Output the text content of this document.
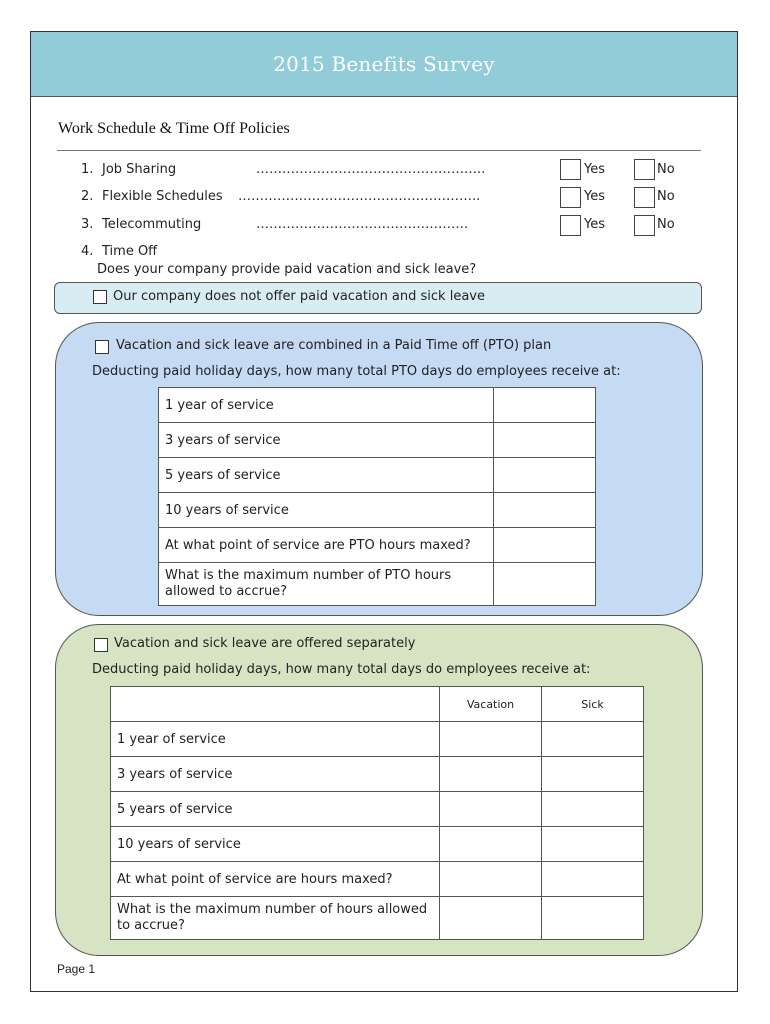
2015 Benefits Survey
Work Schedule & Time Off Policies
1. Job Sharing	……………………………………………..	Yes	No
2. Flexible Schedules ………………………………………………..	Yes	No
3. Telecommuting	………………………………………….	Yes	No
4. Time Off
Does your company provide paid vacation and sick leave?
Our company does not offer paid vacation and sick leave
Vacation and sick leave are combined in a Paid Time off (PTO) plan
Deducting paid holiday days, how many total PTO days do employees receive at:
1 year of service	
3 years of service	
5 years of service	
10 years of service	
At what point of service are PTO hours maxed?	
What is the maximum number of PTO hours allowed to accrue?	
Vacation and sick leave are offered separately
Deducting paid holiday days, how many total days do employees receive at:
	Vacation	Sick
1 year of service		
3 years of service		
5 years of service		
10 years of service		
At what point of service are hours maxed?		
What is the maximum number of hours allowed to accrue?		
Page 1
